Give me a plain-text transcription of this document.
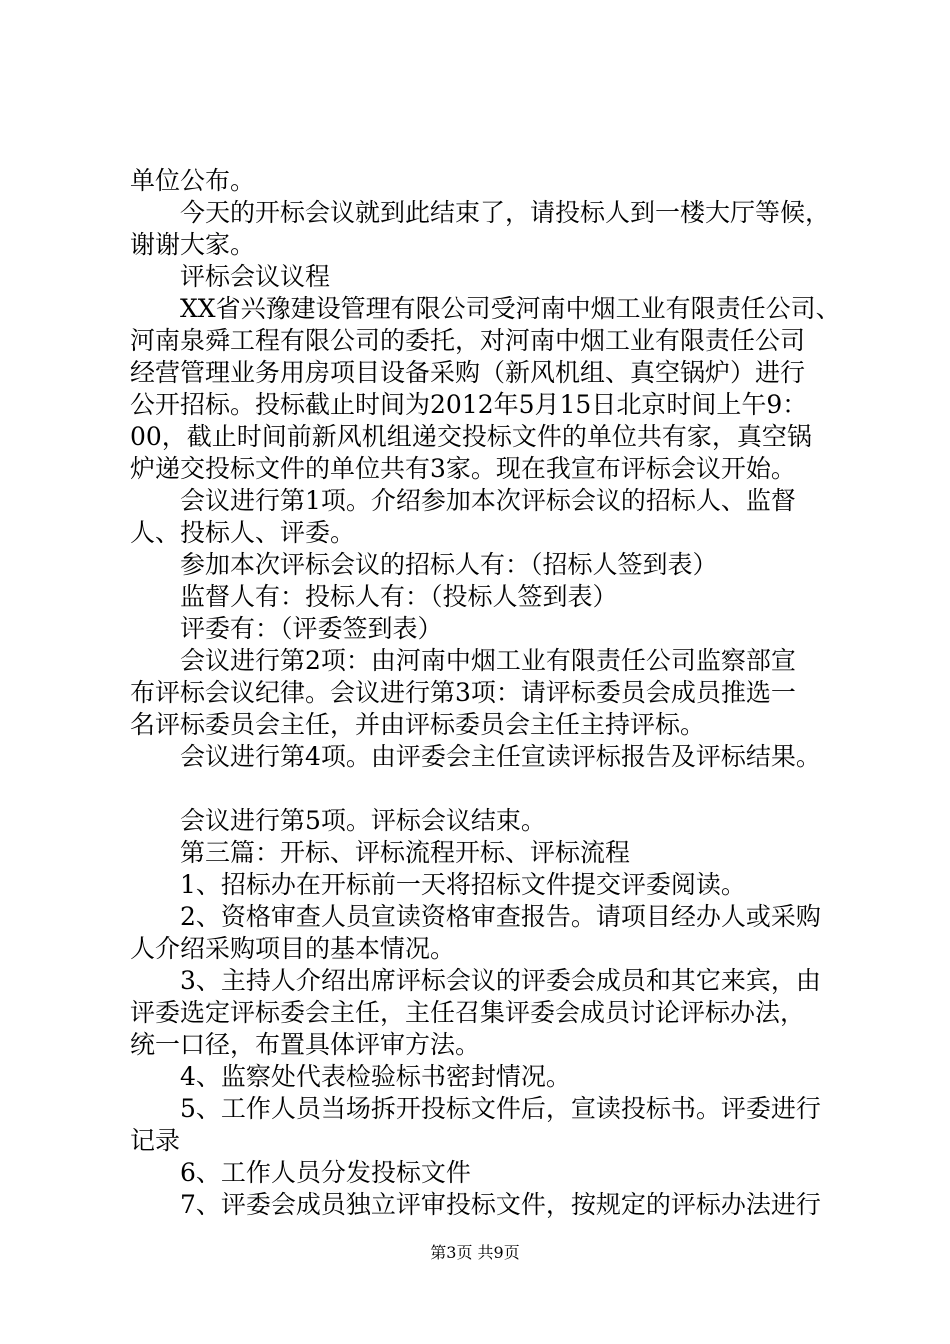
单位公布。
今天的开标会议就到此结束了，请投标人到一楼大厅等候，
谢谢大家。
评标会议议程
XX省兴豫建设管理有限公司受河南中烟工业有限责任公司、
河南泉舜工程有限公司的委托，对河南中烟工业有限责任公司
经营管理业务用房项目设备采购（新风机组、真空锅炉）进行
公开招标。投标截止时间为2012年5月15日北京时间上午9：
00，截止时间前新风机组递交投标文件的单位共有家，真空锅
炉递交投标文件的单位共有3家。现在我宣布评标会议开始。
会议进行第1项。介绍参加本次评标会议的招标人、监督
人、投标人、评委。
参加本次评标会议的招标人有：（招标人签到表）
监督人有：投标人有：（投标人签到表）
评委有：（评委签到表）
会议进行第2项：由河南中烟工业有限责任公司监察部宣
布评标会议纪律。会议进行第3项：请评标委员会成员推选一
名评标委员会主任，并由评标委员会主任主持评标。
会议进行第4项。由评委会主任宣读评标报告及评标结果。
会议进行第5项。评标会议结束。
第三篇：开标、评标流程开标、评标流程
1、招标办在开标前一天将招标文件提交评委阅读。
2、资格审查人员宣读资格审查报告。请项目经办人或采购
人介绍采购项目的基本情况。
3、主持人介绍出席评标会议的评委会成员和其它来宾，由
评委选定评标委会主任，主任召集评委会成员讨论评标办法，
统一口径，布置具体评审方法。
4、监察处代表检验标书密封情况。
5、工作人员当场拆开投标文件后，宣读投标书。评委进行
记录
6、工作人员分发投标文件
7、评委会成员独立评审投标文件，按规定的评标办法进行
第3页 共9页
